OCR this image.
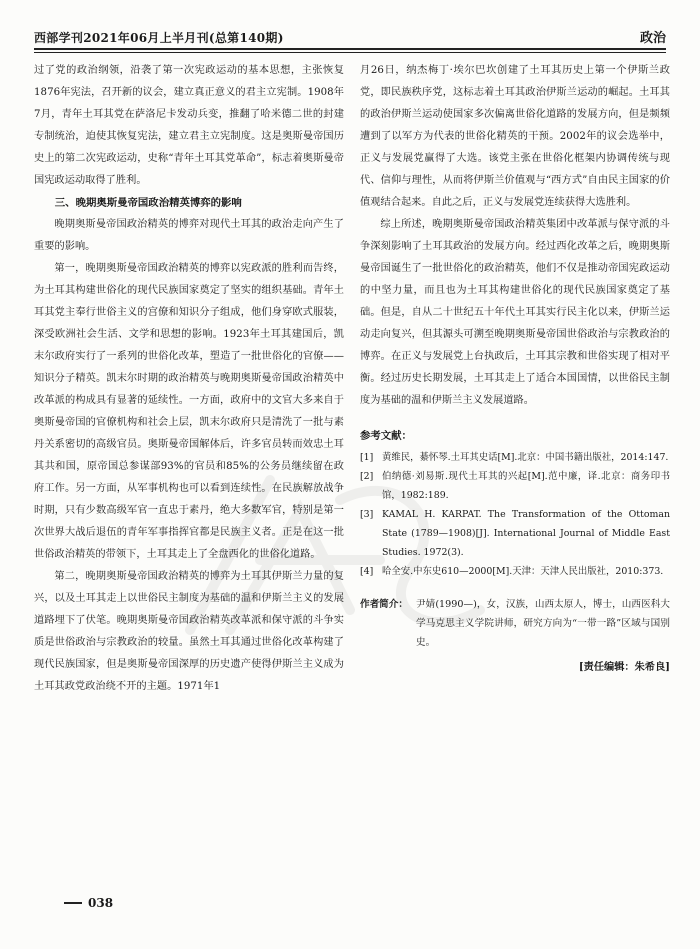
西部学刊2021年06月上半月刊(总第140期)	政治

过了党的政治纲领，沿袭了第一次宪政运动的基本思想，主张恢复1876年宪法，召开新的议会，建立真正意义的君主立宪制。1908年7月，青年土耳其党在萨洛尼卡发动兵变，推翻了哈米德二世的封建专制统治，迫使其恢复宪法，建立君主立宪制度。这是奥斯曼帝国历史上的第二次宪政运动，史称“青年土耳其党革命”，标志着奥斯曼帝国宪政运动取得了胜利。

三、晚期奥斯曼帝国政治精英博弈的影响

晚期奥斯曼帝国政治精英的博弈对现代土耳其的政治走向产生了重要的影响。

第一，晚期奥斯曼帝国政治精英的博弈以宪政派的胜利而告终，为土耳其构建世俗化的现代民族国家奠定了坚实的组织基础。青年土耳其党主奉行世俗主义的宫僚和知识分子组成，他们身穿欧式服装，深受欧洲社会生活、文学和思想的影响。1923年土耳其建国后，凯末尔政府实行了一系列的世俗化改革，塑造了一批世俗化的官僚——知识分子精英。凯末尔时期的政治精英与晚期奥斯曼帝国政治精英中改革派的构成具有显著的延续性。一方面，政府中的文官大多来自于奥斯曼帝国的官僚机构和社会上层，凯末尔政府只是清洗了一批与素丹关系密切的高级官员。奥斯曼帝国解体后，许多官员转而效忠土耳其共和国，原帝国总参谋部93%的官员和85%的公务员继续留在政府工作。另一方面，从军事机构也可以看到连续性。在民族解放战争时期，只有少数高级军官一直忠于素丹，绝大多数军官，特别是第一次世界大战后退伍的青年军事指挥官都是民族主义者。正是在这一批世俗政治精英的带领下，土耳其走上了全盘西化的世俗化道路。

第二，晚期奥斯曼帝国政治精英的博弈为土耳其伊斯兰力量的复兴，以及土耳其走上以世俗民主制度为基础的温和伊斯兰主义的发展道路埋下了伏笔。晚期奥斯曼帝国政治精英改革派和保守派的斗争实质是世俗政治与宗教政治的较量。虽然土耳其通过世俗化改革构建了现代民族国家，但是奥斯曼帝国深厚的历史遗产使得伊斯兰主义成为土耳其政党政治绕不开的主题。1971年1

月26日，纳杰梅丁·埃尔巴坎创建了土耳其历史上第一个伊斯兰政党，即民族秩序党，这标志着土耳其政治伊斯兰运动的崛起。土耳其的政治伊斯兰运动使国家多次偏离世俗化道路的发展方向，但是频频遭到了以军方为代表的世俗化精英的干预。2002年的议会选举中，正义与发展党赢得了大选。该党主张在世俗化框架内协调传统与现代、信仰与理性，从而将伊斯兰价值观与“西方式”自由民主国家的价值观结合起来。自此之后，正义与发展党连续获得大选胜利。

综上所述，晚期奥斯曼帝国政治精英集团中改革派与保守派的斗争深刻影响了土耳其政治的发展方向。经过西化改革之后，晚期奥斯曼帝国诞生了一批世俗化的政治精英，他们不仅是推动帝国宪政运动的中坚力量，而且也为土耳其构建世俗化的现代民族国家奠定了基础。但是，自从二十世纪五十年代土耳其实行民主化以来，伊斯兰运动走向复兴，但其源头可溯至晚期奥斯曼帝国世俗政治与宗教政治的博弈。在正义与发展党上台执政后，土耳其宗教和世俗实现了相对平衡。经过历史长期发展，土耳其走上了适合本国国情，以世俗民主制度为基础的温和伊斯兰主义发展道路。

参考文献：
[1] 黄维民，綦怀琴.土耳其史话[M].北京：中国书籍出版社，2014:147.
[2] 伯纳德·刘易斯.现代土耳其的兴起[M].范中廉，译.北京：商务印书馆，1982:189.
[3] KAMAL H. KARPAT. The Transformation of the Ottoman State (1789—1908)[J]. International Journal of Middle East Studies. 1972(3).
[4] 哈全安.中东史610—2000[M].天津：天津人民出版社，2010:373.
作者简介： 尹婧(1990—)，女，汉族，山西太原人，博士，山西医科大学马克思主义学院讲师，研究方向为“一带一路”区域与国别史。
[责任编辑：朱希良]
038
